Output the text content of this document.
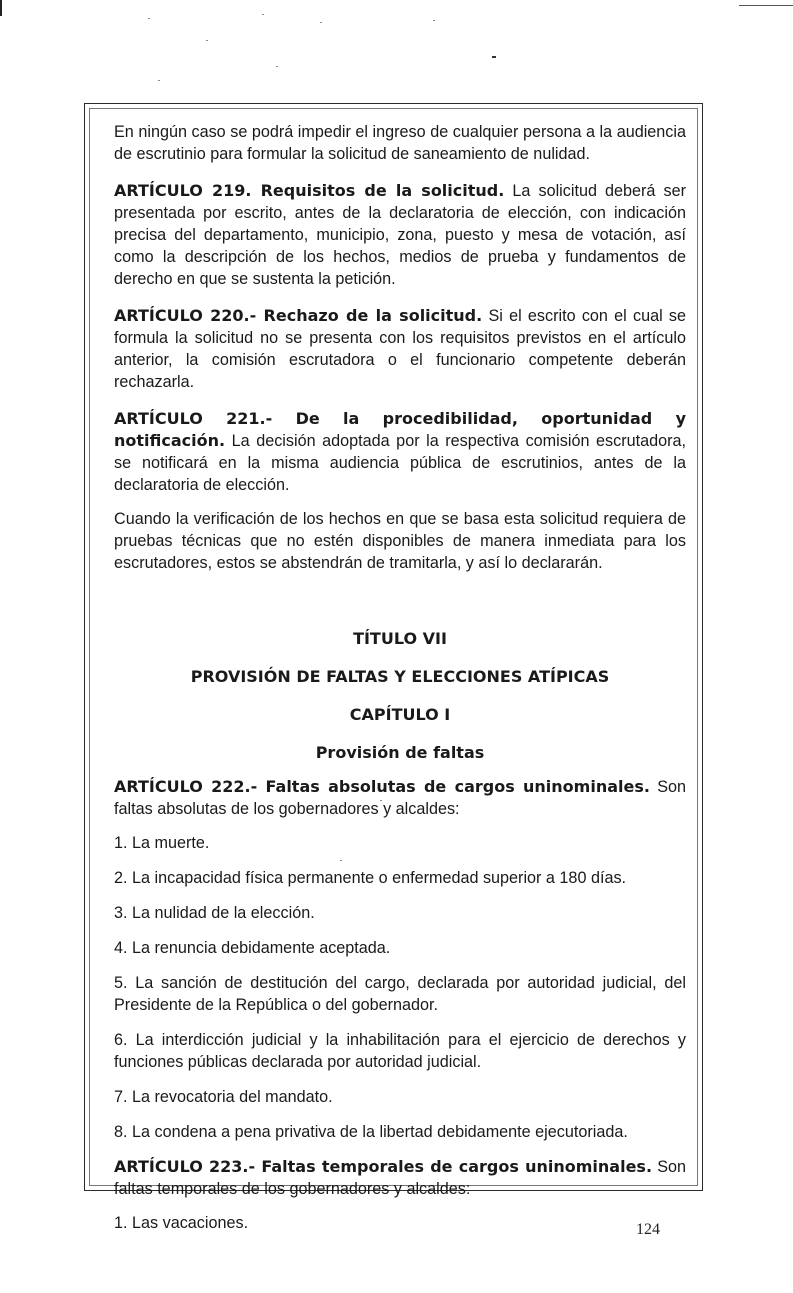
En ningún caso se podrá impedir el ingreso de cualquier persona a la audiencia de escrutinio para formular la solicitud de saneamiento de nulidad.

ARTÍCULO 219. Requisitos de la solicitud. La solicitud deberá ser presentada por escrito, antes de la declaratoria de elección, con indicación precisa del departamento, municipio, zona, puesto y mesa de votación, así como la descripción de los hechos, medios de prueba y fundamentos de derecho en que se sustenta la petición.

ARTÍCULO 220.- Rechazo de la solicitud. Si el escrito con el cual se formula la solicitud no se presenta con los requisitos previstos en el artículo anterior, la comisión escrutadora o el funcionario competente deberán rechazarla.

ARTÍCULO 221.- De la procedibilidad, oportunidad y notificación. La decisión adoptada por la respectiva comisión escrutadora, se notificará en la misma audiencia pública de escrutinios, antes de la declaratoria de elección.

Cuando la verificación de los hechos en que se basa esta solicitud requiera de pruebas técnicas que no estén disponibles de manera inmediata para los escrutadores, estos se abstendrán de tramitarla, y así lo declararán.

TÍTULO VII

PROVISIÓN DE FALTAS Y ELECCIONES ATÍPICAS

CAPÍTULO I

Provisión de faltas

ARTÍCULO 222.- Faltas absolutas de cargos uninominales. Son faltas absolutas de los gobernadores y alcaldes:

1. La muerte.

2. La incapacidad física permanente o enfermedad superior a 180 días.

3. La nulidad de la elección.

4. La renuncia debidamente aceptada.

5. La sanción de destitución del cargo, declarada por autoridad judicial, del Presidente de la República o del gobernador.

6. La interdicción judicial y la inhabilitación para el ejercicio de derechos y funciones públicas declarada por autoridad judicial.

7. La revocatoria del mandato.

8. La condena a pena privativa de la libertad debidamente ejecutoriada.

ARTÍCULO 223.- Faltas temporales de cargos uninominales. Son faltas temporales de los gobernadores y alcaldes:

1. Las vacaciones.	124
